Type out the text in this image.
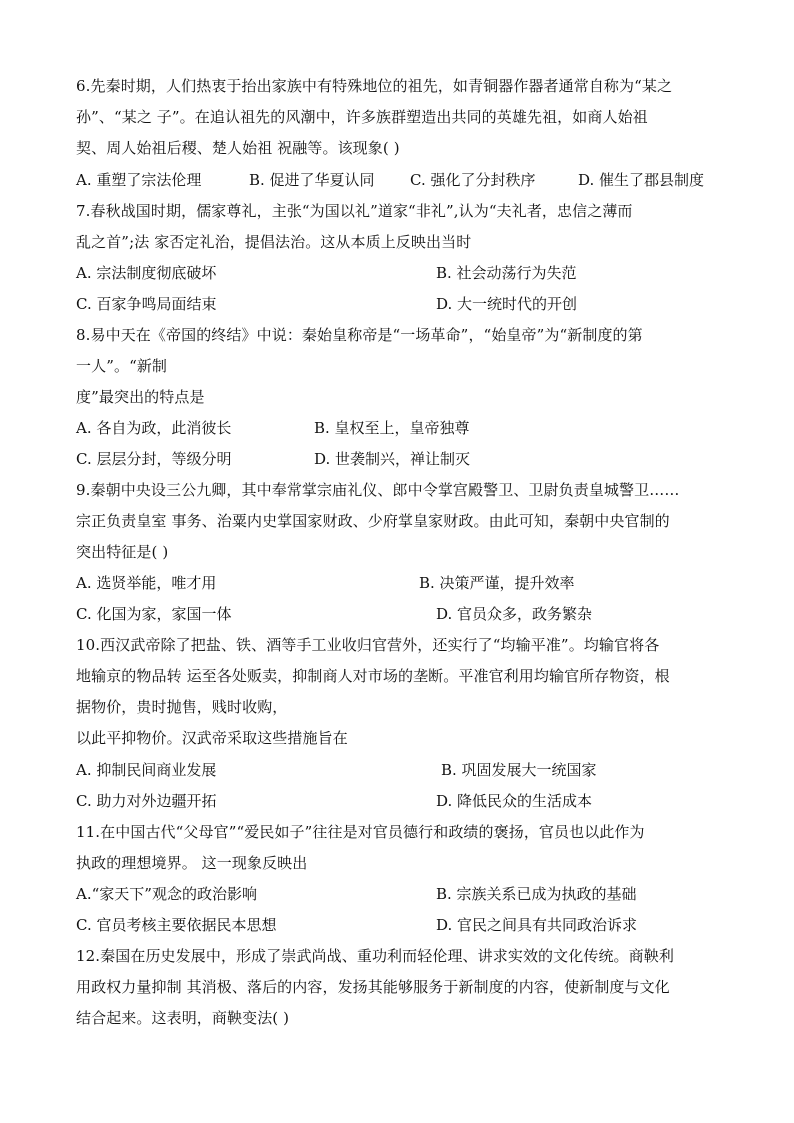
6.先秦时期，人们热衷于抬出家族中有特殊地位的祖先，如青铜器作器者通常自称为“某之
孙”、“某之 子”。在追认祖先的风潮中，许多族群塑造出共同的英雄先祖，如商人始祖
契、周人始祖后稷、楚人始祖 祝融等。该现象( )
A. 重塑了宗法伦理	B. 促进了华夏认同 C. 强化了分封秩序	D. 催生了郡县制度
7.春秋战国时期，儒家尊礼，主张“为国以礼”道家“非礼”,认为“夫礼者，忠信之薄而
乱之首”;法 家否定礼治，提倡法治。这从本质上反映出当时
A. 宗法制度彻底破坏	B. 社会动荡行为失范
C. 百家争鸣局面结束	D. 大一统时代的开创
8.易中天在《帝国的终结》中说：秦始皇称帝是“一场革命”，“始皇帝”为“新制度的第
一人”。“新制
度”最突出的特点是
A. 各自为政，此消彼长	B. 皇权至上，皇帝独尊
C. 层层分封，等级分明	D. 世袭制兴，禅让制灭
9.秦朝中央设三公九卿，其中奉常掌宗庙礼仪、郎中令掌宫殿警卫、卫尉负责皇城警卫……
宗正负责皇室 事务、治粟内史掌国家财政、少府掌皇家财政。由此可知，秦朝中央官制的
突出特征是( )
A. 选贤举能，唯才用	B. 决策严谨，提升效率
C. 化国为家，家国一体	D. 官员众多，政务繁杂
10.西汉武帝除了把盐、铁、酒等手工业收归官营外，还实行了“均输平准”。均输官将各
地输京的物品转 运至各处贩卖，抑制商人对市场的垄断。平准官利用均输官所存物资，根
据物价，贵时抛售，贱时收购，
以此平抑物价。汉武帝采取这些措施旨在
A. 抑制民间商业发展	B. 巩固发展大一统国家
C. 助力对外边疆开拓	D. 降低民众的生活成本
11.在中国古代“父母官”“爱民如子”往往是对官员德行和政绩的褒扬，官员也以此作为
执政的理想境界。 这一现象反映出
A.“家天下”观念的政治影响	B. 宗族关系已成为执政的基础
C. 官员考核主要依据民本思想	D. 官民之间具有共同政治诉求
12.秦国在历史发展中，形成了崇武尚战、重功利而轻伦理、讲求实效的文化传统。商鞅利
用政权力量抑制 其消极、落后的内容，发扬其能够服务于新制度的内容，使新制度与文化
结合起来。这表明，商鞅变法( )
